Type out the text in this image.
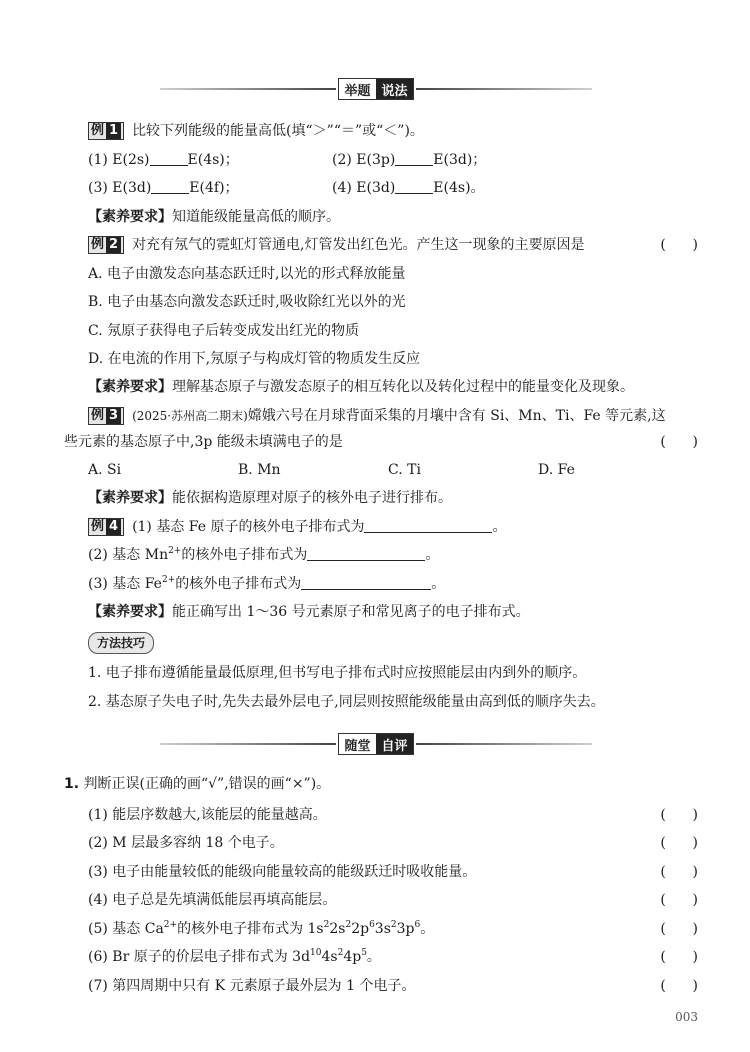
举题 说法
例 1 比较下列能级的能量高低(填“＞”“＝”或“＜”)。
(1) E(2s)	E(4s)；	(2) E(3p)	E(3d)；
(3) E(3d)	E(4f)；	(4) E(3d)	E(4s)。
【素养要求】知道能级能量高低的顺序。
例 2 对充有氖气的霓虹灯管通电,灯管发出红色光。产生这一现象的主要原因是	(      )
A. 电子由激发态向基态跃迁时,以光的形式释放能量
B. 电子由基态向激发态跃迁时,吸收除红光以外的光
C. 氖原子获得电子后转变成发出红光的物质
D. 在电流的作用下,氖原子与构成灯管的物质发生反应
【素养要求】理解基态原子与激发态原子的相互转化以及转化过程中的能量变化及现象。
例 3 (2025·苏州高二期末)嫦娥六号在月球背面采集的月壤中含有 Si、Mn、Ti、Fe 等元素,这
些元素的基态原子中,3p 能级未填满电子的是	(      )
A. Si	B. Mn	C. Ti	D. Fe
【素养要求】能依据构造原理对原子的核外电子进行排布。
例 4 (1) 基态 Fe 原子的核外电子排布式为	。
(2) 基态 $Mn^{2+}$的核外电子排布式为	。
(3) 基态 $Fe^{2+}$的核外电子排布式为	。
【素养要求】能正确写出 1～36 号元素原子和常见离子的电子排布式。
方法技巧
1. 电子排布遵循能量最低原理,但书写电子排布式时应按照能层由内到外的顺序。
2. 基态原子失电子时,先失去最外层电子,同层则按照能级能量由高到低的顺序失去。
随堂 自评
1. 判断正误(正确的画“√”,错误的画“×”)。
(1) 能层序数越大,该能层的能量越高。	(      )
(2) M 层最多容纳 18 个电子。	(      )
(3) 电子由能量较低的能级向能量较高的能级跃迁时吸收能量。	(      )
(4) 电子总是先填满低能层再填高能层。	(      )
(5) 基态 $Ca^{2+}$的核外电子排布式为 $1s^22s^22p^63s^23p^6$。	(      )
(6) Br 原子的价层电子排布式为 $3d^{10}4s^24p^5$。	(      )
(7) 第四周期中只有 K 元素原子最外层为 1 个电子。	(      )
003
